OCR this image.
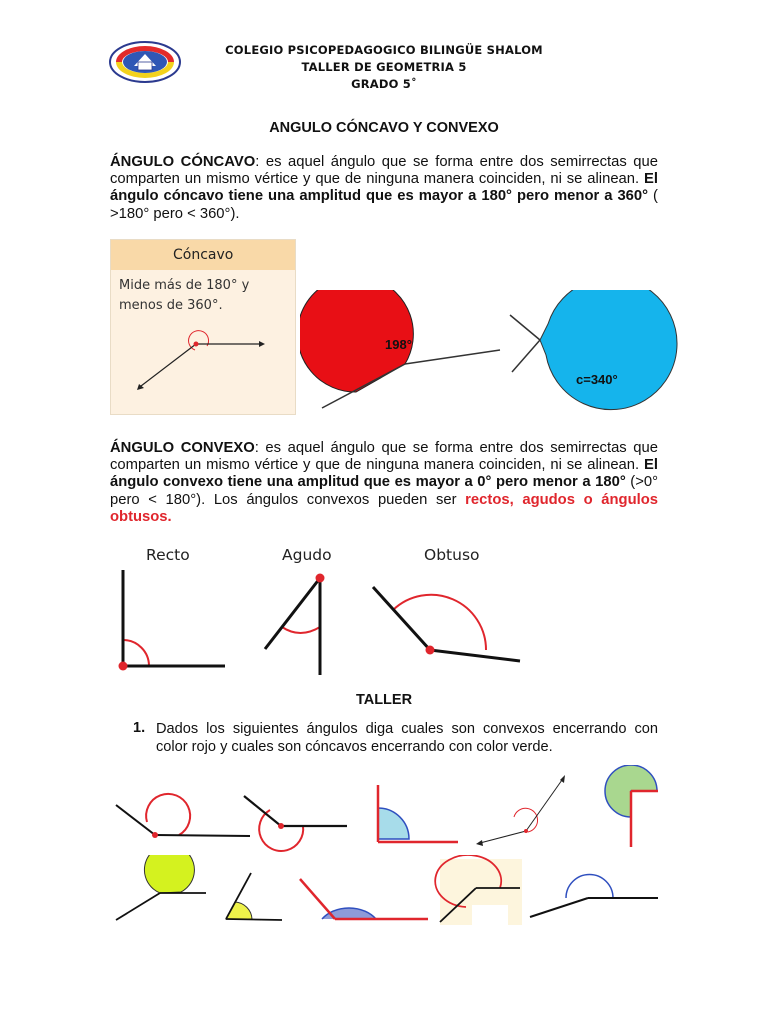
COLEGIO PSICOPEDAGOGICO BILINGÜE SHALOM
TALLER DE GEOMETRIA 5
GRADO 5˚
ANGULO CÓNCAVO Y CONVEXO
ÁNGULO CÓNCAVO: es aquel ángulo que se forma entre dos semirrectas que comparten un mismo vértice y que de ninguna manera coinciden, ni se alinean. El ángulo cóncavo tiene una amplitud que es mayor a 180° pero menor a 360° ( >180° pero < 360°).
Cóncavo
Mide más de 180° y menos de 360°.
198°
c=340°
ÁNGULO CONVEXO: es aquel ángulo que se forma entre dos semirrectas que comparten un mismo vértice y que de ninguna manera coinciden, ni se alinean. El ángulo convexo tiene una amplitud que es mayor a 0° pero menor a 180° (>0° pero < 180°). Los ángulos convexos pueden ser rectos, agudos o ángulos obtusos.
Recto	Agudo	Obtuso
TALLER
1. Dados los siguientes ángulos diga cuales son convexos encerrando con color rojo y cuales son cóncavos encerrando con color verde.
